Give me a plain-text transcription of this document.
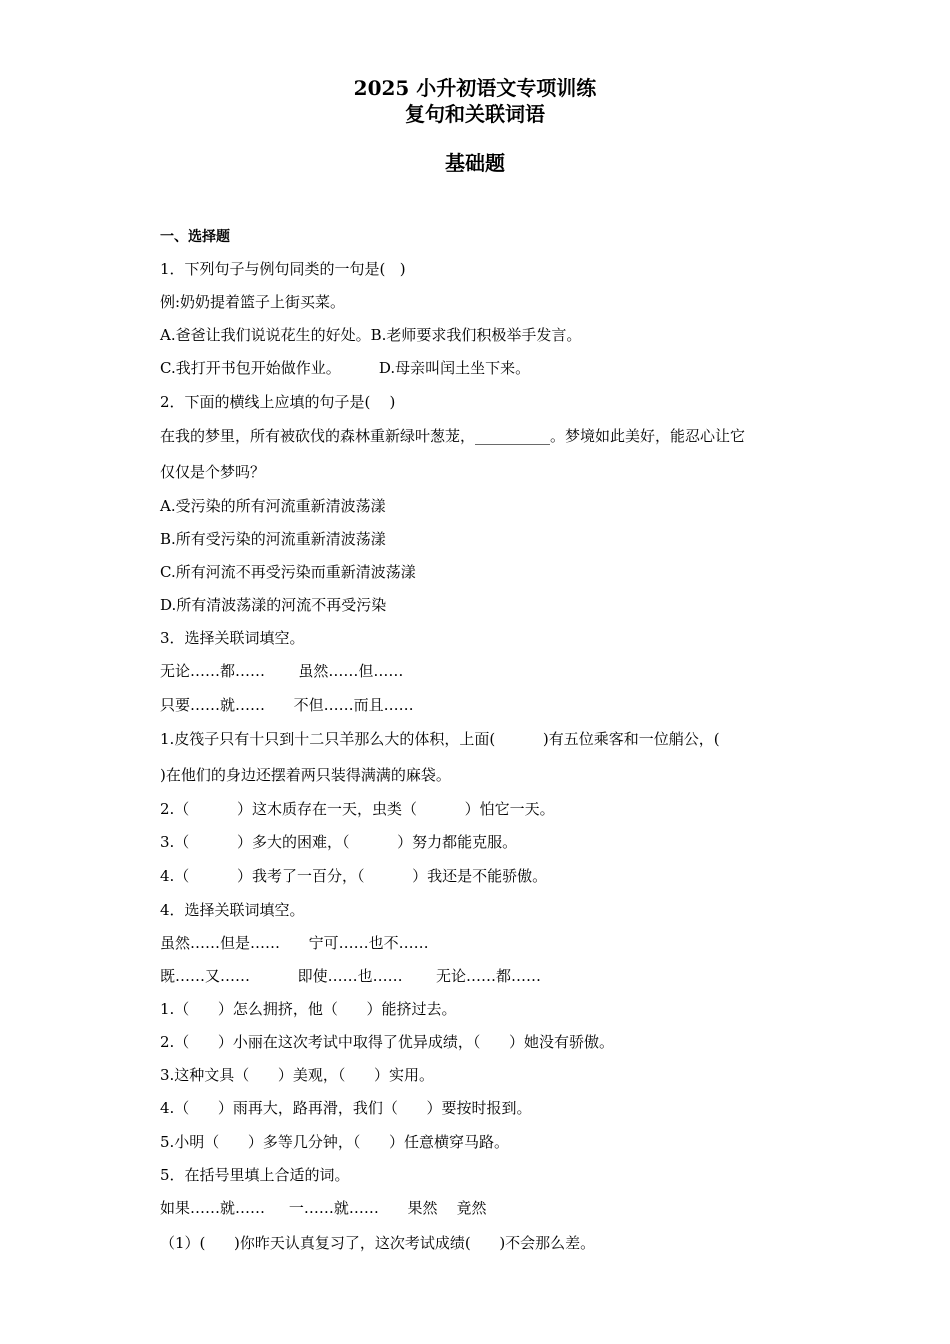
2025 小升初语文专项训练
复句和关联词语
基础题
一、选择题
1．下列句子与例句同类的一句是(   )
例:奶奶提着篮子上街买菜。
A.爸爸让我们说说花生的好处。B.老师要求我们积极举手发言。
C.我打开书包开始做作业。        D.母亲叫闰土坐下来。
2．下面的横线上应填的句子是(    )
在我的梦里，所有被砍伐的森林重新绿叶葱茏，__________。梦境如此美好，能忍心让它
仅仅是个梦吗？
A.受污染的所有河流重新清波荡漾
B.所有受污染的河流重新清波荡漾
C.所有河流不再受污染而重新清波荡漾
D.所有清波荡漾的河流不再受污染
3．选择关联词填空。
无论……都……       虽然……但……
只要……就……      不但……而且……
1.皮筏子只有十只到十二只羊那么大的体积，上面(          )有五位乘客和一位艄公，(
)在他们的身边还摆着两只装得满满的麻袋。
2.（          ）这木质存在一天，虫类（          ）怕它一天。
3.（          ）多大的困难，（          ）努力都能克服。
4.（          ）我考了一百分，（          ）我还是不能骄傲。
4．选择关联词填空。
虽然……但是……      宁可……也不……
既……又……          即使……也……       无论……都……
1.（      ）怎么拥挤，他（      ）能挤过去。
2.（      ）小丽在这次考试中取得了优异成绩，（      ）她没有骄傲。
3.这种文具（      ）美观，（      ）实用。
4.（      ）雨再大，路再滑，我们（      ）要按时报到。
5.小明（      ）多等几分钟，（      ）任意横穿马路。
5．在括号里填上合适的词。
如果……就……     一……就……      果然    竟然
（1）(      )你昨天认真复习了，这次考试成绩(      )不会那么差。
